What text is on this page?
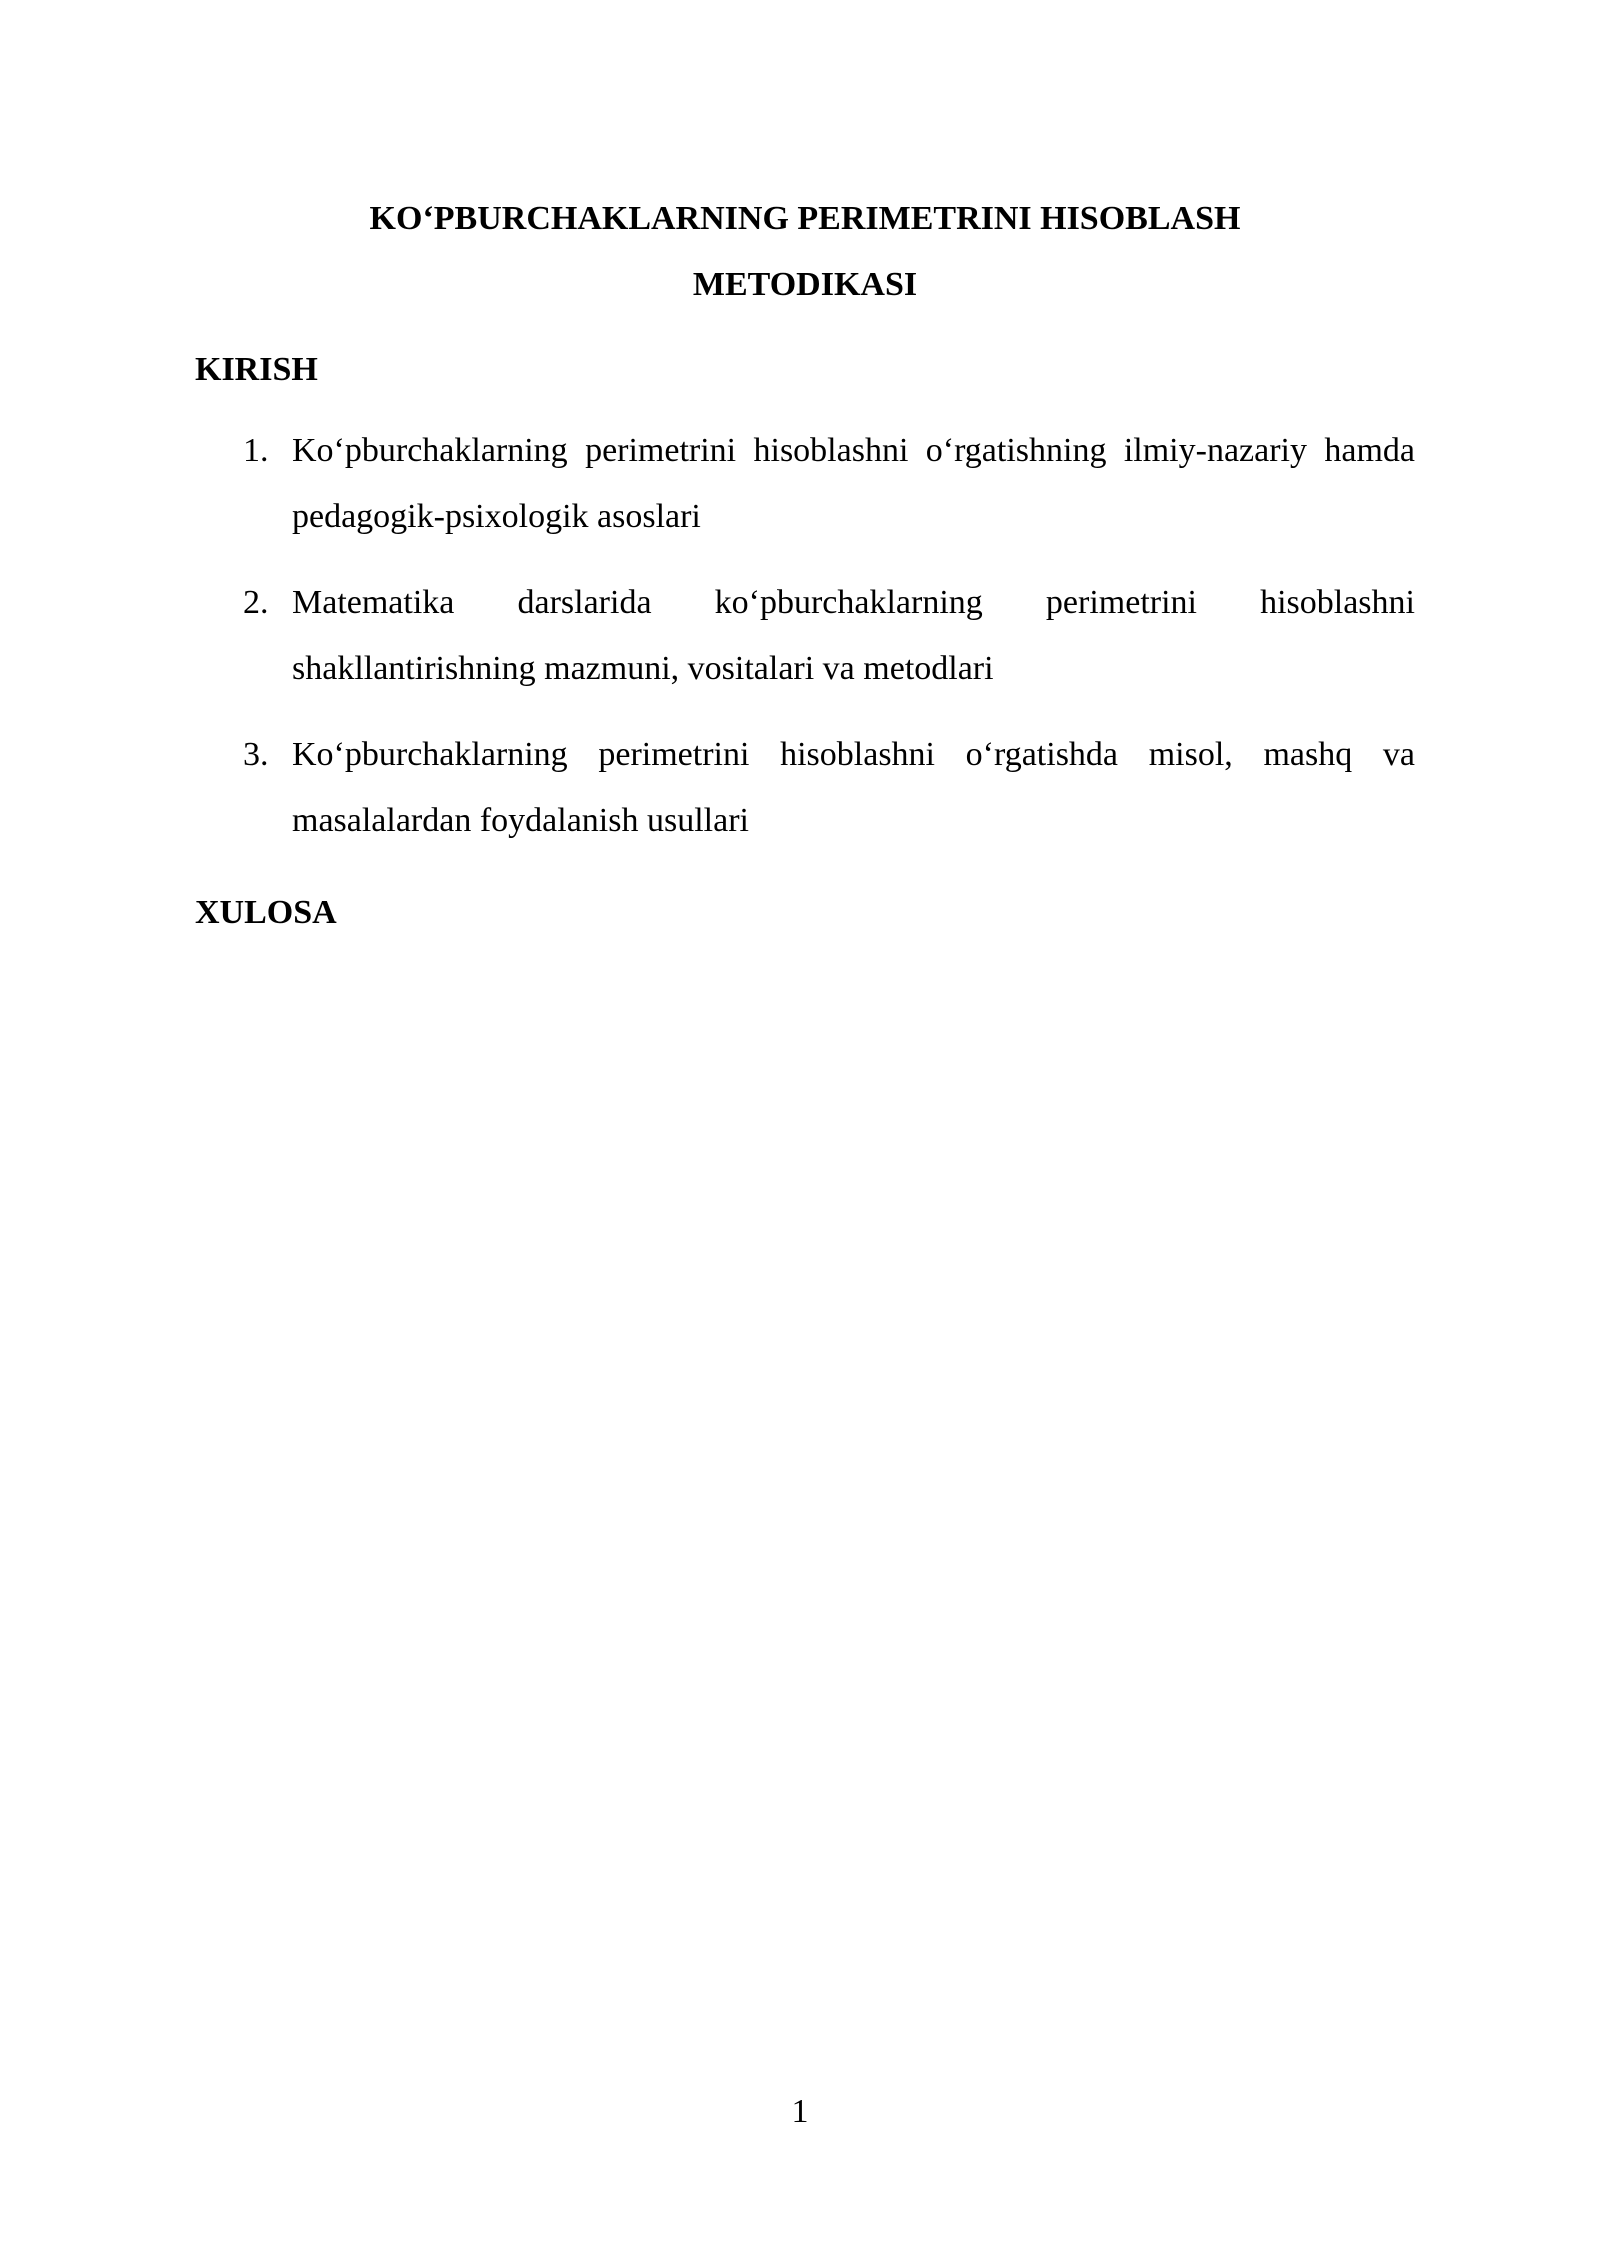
KO‘PBURCHAKLARNING PERIMETRINI HISOBLASH
METODIKASI
KIRISH
1. Ko‘pburchaklarning perimetrini hisoblashni o‘rgatishning ilmiy-nazariy hamda pedagogik-psixologik asoslari
2. Matematika darslarida ko‘pburchaklarning perimetrini hisoblashni shakllantirishning mazmuni, vositalari va metodlari
3. Ko‘pburchaklarning perimetrini hisoblashni o‘rgatishda misol, mashq va masalalardan foydalanish usullari
XULOSA
1
